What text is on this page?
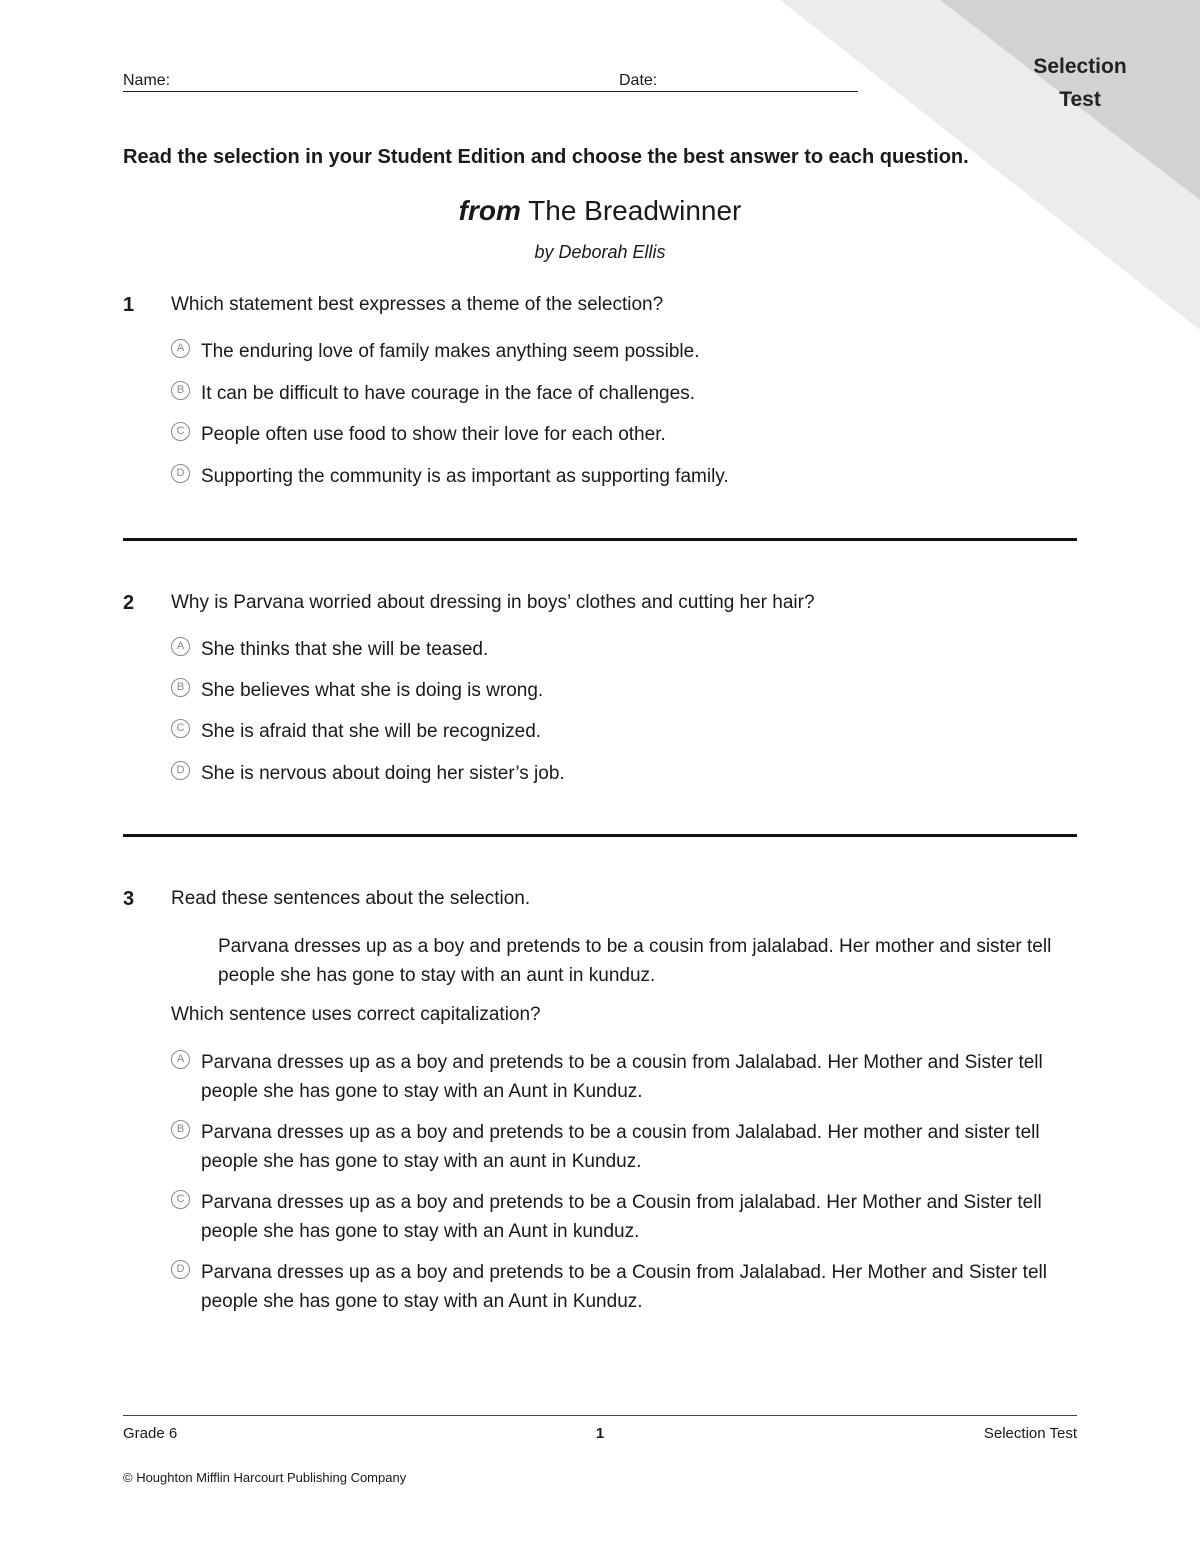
Selection
Test
Name:	Date:
Read the selection in your Student Edition and choose the best answer to each question.
from The Breadwinner
by Deborah Ellis
1 Which statement best expresses a theme of the selection?
A The enduring love of family makes anything seem possible.
B It can be difficult to have courage in the face of challenges.
C People often use food to show their love for each other.
D Supporting the community is as important as supporting family.
2 Why is Parvana worried about dressing in boys’ clothes and cutting her hair?
A She thinks that she will be teased.
B She believes what she is doing is wrong.
C She is afraid that she will be recognized.
D She is nervous about doing her sister’s job.
3 Read these sentences about the selection.
Parvana dresses up as a boy and pretends to be a cousin from jalalabad. Her mother and sister tell people she has gone to stay with an aunt in kunduz.
Which sentence uses correct capitalization?
A Parvana dresses up as a boy and pretends to be a cousin from Jalalabad. Her Mother and Sister tell people she has gone to stay with an Aunt in Kunduz.
B Parvana dresses up as a boy and pretends to be a cousin from Jalalabad. Her mother and sister tell people she has gone to stay with an aunt in Kunduz.
C Parvana dresses up as a boy and pretends to be a Cousin from jalalabad. Her Mother and Sister tell people she has gone to stay with an Aunt in kunduz.
D Parvana dresses up as a boy and pretends to be a Cousin from Jalalabad. Her Mother and Sister tell people she has gone to stay with an Aunt in Kunduz.
Grade 6	1	Selection Test
© Houghton Mifflin Harcourt Publishing Company
